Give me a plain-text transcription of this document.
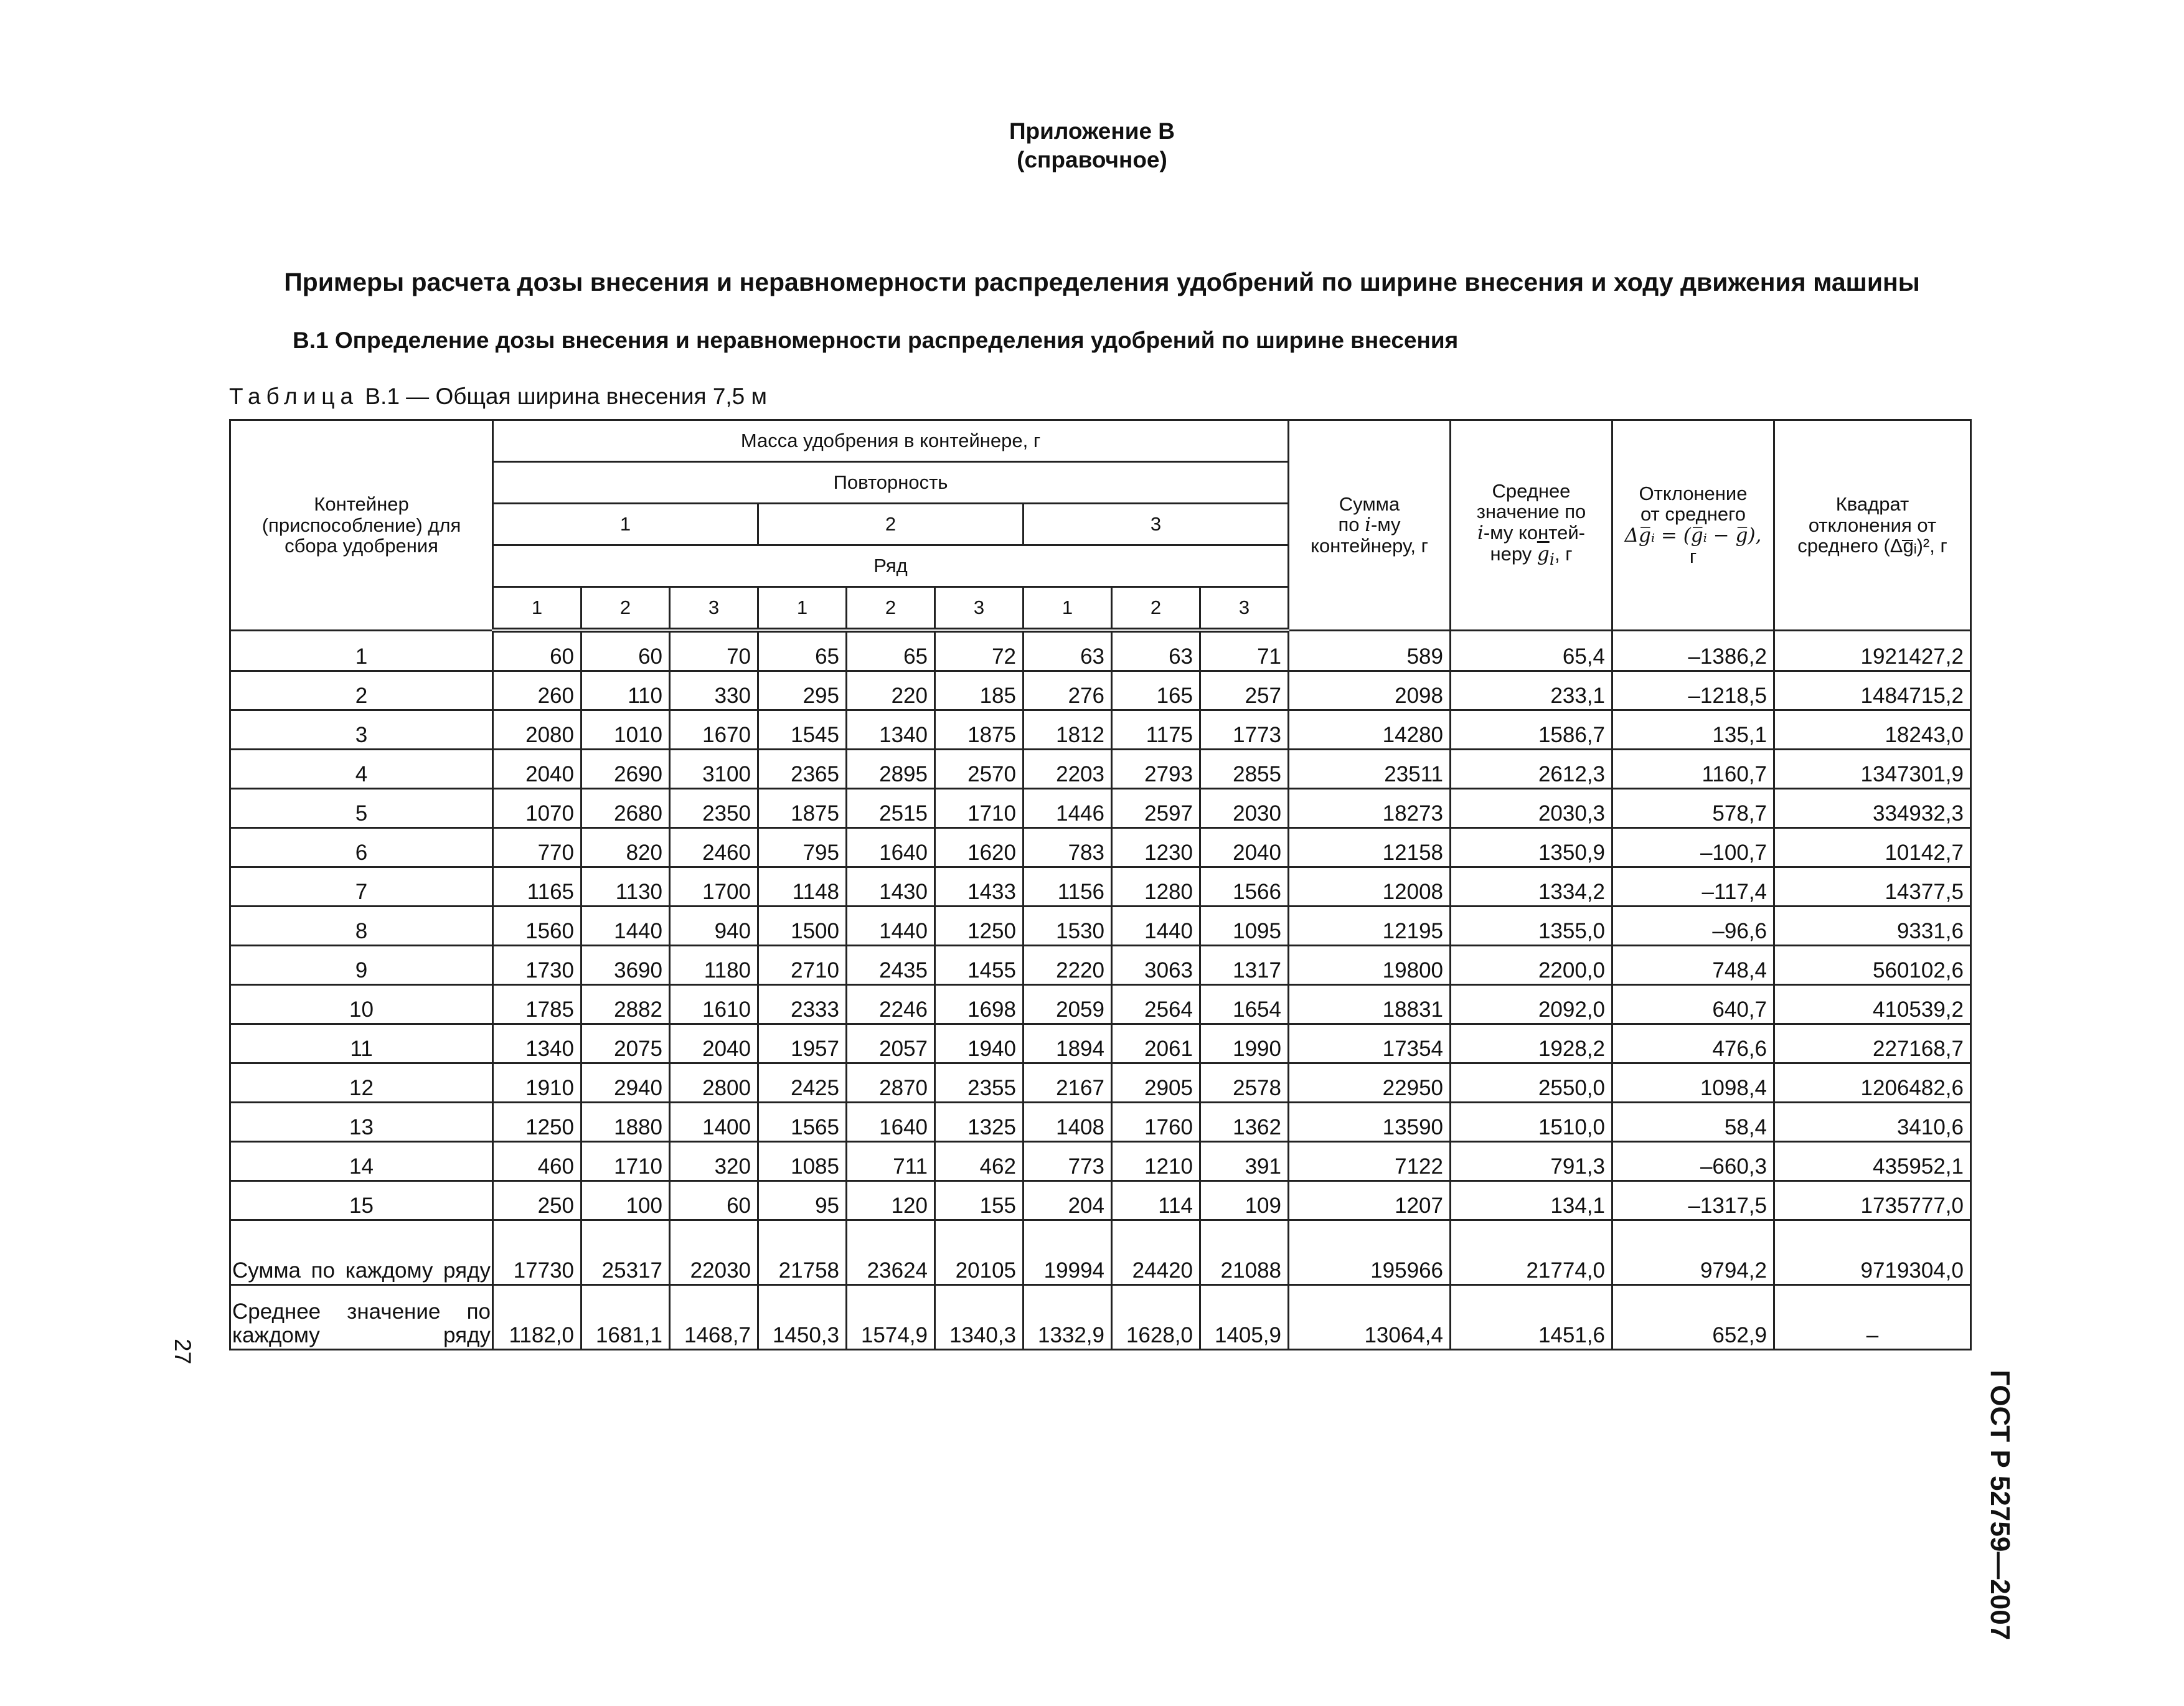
Приложение В
(справочное)
Примеры расчета дозы внесения и неравномерности распределения удобрений по ширине внесения и ходу движения машины
В.1 Определение дозы внесения и неравномерности распределения удобрений по ширине внесения
Таблица В.1 — Общая ширина внесения 7,5 м
Контейнер (приспособление) для сбора удобрения	Масса удобрения в контейнере, г									Сумма
по i-му
контейнеру, г	Среднее
значение по
i-му контей-
неру $\overline{g}_i$, г	Отклонение
от среднего
Δg̅ᵢ = (g̅ᵢ − g̅),
г	Квадрат
отклонения от
среднего (Δg̅ᵢ)², г
	Повторность												
	1			2			3						
	Ряд												
	1	2	3	1	2	3	1	2	3				
1	60	60	70	65	65	72	63	63	71	589	65,4	–1386,2	1921427,2
2	260	110	330	295	220	185	276	165	257	2098	233,1	–1218,5	1484715,2
3	2080	1010	1670	1545	1340	1875	1812	1175	1773	14280	1586,7	135,1	18243,0
4	2040	2690	3100	2365	2895	2570	2203	2793	2855	23511	2612,3	1160,7	1347301,9
5	1070	2680	2350	1875	2515	1710	1446	2597	2030	18273	2030,3	578,7	334932,3
6	770	820	2460	795	1640	1620	783	1230	2040	12158	1350,9	–100,7	10142,7
7	1165	1130	1700	1148	1430	1433	1156	1280	1566	12008	1334,2	–117,4	14377,5
8	1560	1440	940	1500	1440	1250	1530	1440	1095	12195	1355,0	–96,6	9331,6
9	1730	3690	1180	2710	2435	1455	2220	3063	1317	19800	2200,0	748,4	560102,6
10	1785	2882	1610	2333	2246	1698	2059	2564	1654	18831	2092,0	640,7	410539,2
11	1340	2075	2040	1957	2057	1940	1894	2061	1990	17354	1928,2	476,6	227168,7
12	1910	2940	2800	2425	2870	2355	2167	2905	2578	22950	2550,0	1098,4	1206482,6
13	1250	1880	1400	1565	1640	1325	1408	1760	1362	13590	1510,0	58,4	3410,6
14	460	1710	320	1085	711	462	773	1210	391	7122	791,3	–660,3	435952,1
15	250	100	60	95	120	155	204	114	109	1207	134,1	–1317,5	1735777,0
Сумма по каждому ряду	17730	25317	22030	21758	23624	20105	19994	24420	21088	195966	21774,0	9794,2	9719304,0
Среднее значение по каждому ряду	1182,0	1681,1	1468,7	1450,3	1574,9	1340,3	1332,9	1628,0	1405,9	13064,4	1451,6	652,9	–
ГОСТ Р 52759—2007
27
